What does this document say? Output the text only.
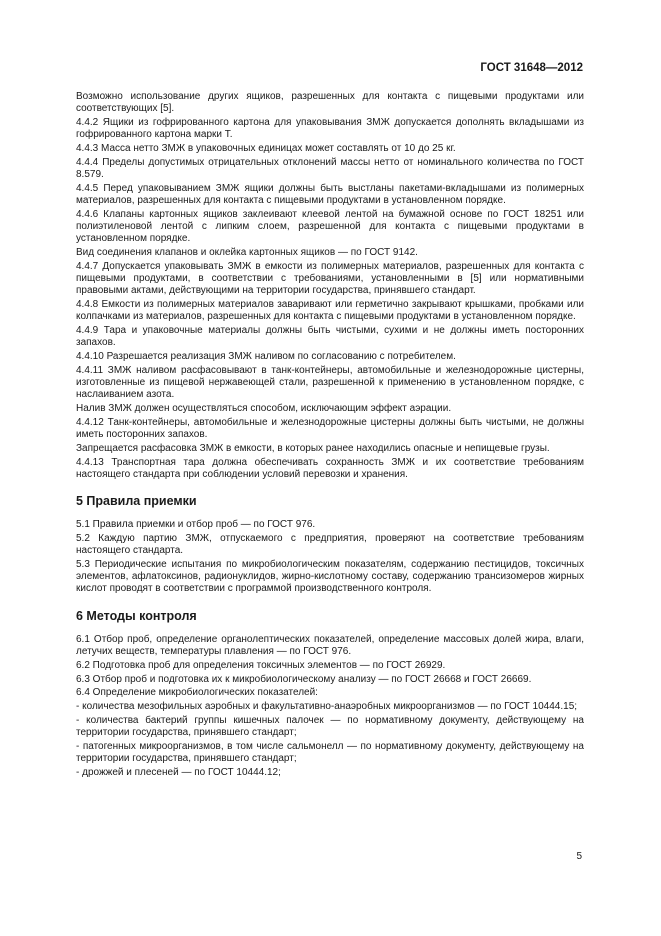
ГОСТ 31648—2012

Возможно использование других ящиков, разрешенных для контакта с пищевыми продуктами или соответствующих [5].

4.4.2 Ящики из гофрированного картона для упаковывания ЗМЖ допускается дополнять вкладышами из гофрированного картона марки Т.

4.4.3 Масса нетто ЗМЖ в упаковочных единицах может составлять от 10 до 25 кг.

4.4.4 Пределы допустимых отрицательных отклонений массы нетто от номинального количества по ГОСТ 8.579.

4.4.5 Перед упаковыванием ЗМЖ ящики должны быть выстланы пакетами-вкладышами из полимерных материалов, разрешенных для контакта с пищевыми продуктами в установленном порядке.

4.4.6 Клапаны картонных ящиков заклеивают клеевой лентой на бумажной основе по ГОСТ 18251 или полиэтиленовой лентой с липким слоем, разрешенной для контакта с пищевыми продуктами в установленном порядке.

Вид соединения клапанов и оклейка картонных ящиков — по ГОСТ 9142.

4.4.7 Допускается упаковывать ЗМЖ в емкости из полимерных материалов, разрешенных для контакта с пищевыми продуктами, в соответствии с требованиями, установленными в [5] или нормативными правовыми актами, действующими на территории государства, принявшего стандарт.

4.4.8 Емкости из полимерных материалов заваривают или герметично закрывают крышками, пробками или колпачками из материалов, разрешенных для контакта с пищевыми продуктами в установленном порядке.

4.4.9 Тара и упаковочные материалы должны быть чистыми, сухими и не должны иметь посторонних запахов.

4.4.10 Разрешается реализация ЗМЖ наливом по согласованию с потребителем.

4.4.11 ЗМЖ наливом расфасовывают в танк-контейнеры, автомобильные и железнодорожные цистерны, изготовленные из пищевой нержавеющей стали, разрешенной к применению в установленном порядке, с наслаиванием азота.

Налив ЗМЖ должен осуществляться способом, исключающим эффект аэрации.

4.4.12 Танк-контейнеры, автомобильные и железнодорожные цистерны должны быть чистыми, не должны иметь посторонних запахов.

Запрещается расфасовка ЗМЖ в емкости, в которых ранее находились опасные и непищевые грузы.

4.4.13 Транспортная тара должна обеспечивать сохранность ЗМЖ и их соответствие требованиям настоящего стандарта при соблюдении условий перевозки и хранения.

5 Правила приемки

5.1 Правила приемки и отбор проб — по ГОСТ 976.

5.2 Каждую партию ЗМЖ, отпускаемого с предприятия, проверяют на соответствие требованиям настоящего стандарта.

5.3 Периодические испытания по микробиологическим показателям, содержанию пестицидов, токсичных элементов, афлатоксинов, радионуклидов, жирно-кислотному составу, содержанию трансизомеров жирных кислот проводят в соответствии с программой производственного контроля.

6 Методы контроля

6.1 Отбор проб, определение органолептических показателей, определение массовых долей жира, влаги, летучих веществ, температуры плавления — по ГОСТ 976.

6.2 Подготовка проб для определения токсичных элементов — по ГОСТ 26929.

6.3 Отбор проб и подготовка их к микробиологическому анализу — по ГОСТ 26668 и ГОСТ 26669.

6.4 Определение микробиологических показателей:

- количества мезофильных аэробных и факультативно-анаэробных микроорганизмов — по ГОСТ 10444.15;

- количества бактерий группы кишечных палочек — по нормативному документу, действующему на территории государства, принявшего стандарт;

- патогенных микроорганизмов, в том числе сальмонелл — по нормативному документу, действующему на территории государства, принявшего стандарт;

- дрожжей и плесеней — по ГОСТ 10444.12;

5
